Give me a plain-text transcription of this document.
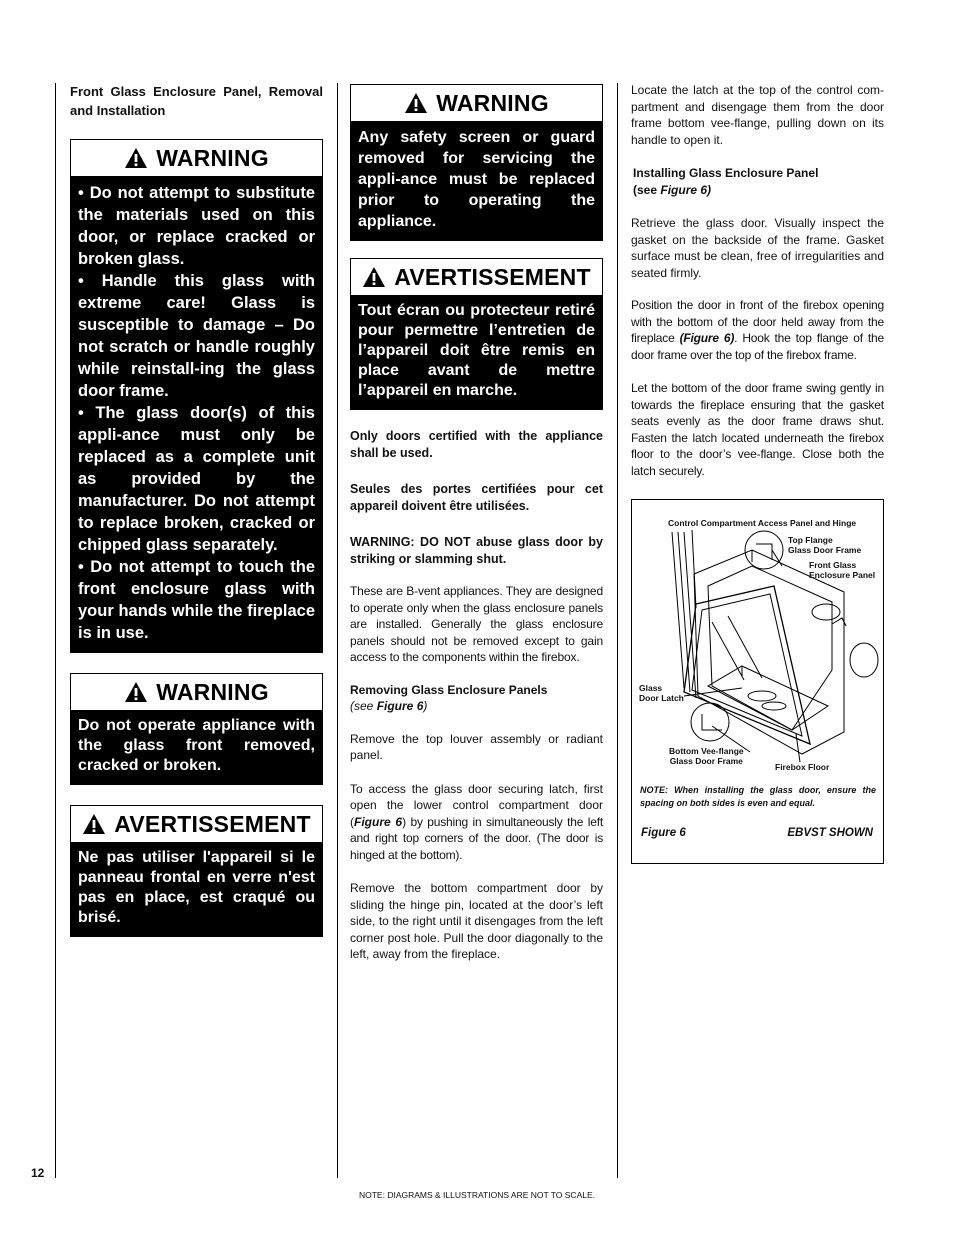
Front Glass Enclosure Panel, Removal and Installation

WARNING

• Do not attempt to substitute the materials used on this door, or replace cracked or broken glass.

• Handle this glass with extreme care! Glass is susceptible to damage – Do not scratch or handle roughly while reinstall-ing the glass door frame.

• The glass door(s) of this appli-ance must only be replaced as a complete unit as provided by the manufacturer. Do not attempt to replace broken, cracked or chipped glass separately.

• Do not attempt to touch the front enclosure glass with your hands while the fireplace is in use.

WARNING

Do not operate appliance with the glass front removed, cracked or broken.

AVERTISSEMENT

Ne pas utiliser l'appareil si le panneau frontal en verre n'est pas en place, est craqué ou brisé.

WARNING

Any safety screen or guard removed for servicing the appli-ance must be replaced prior to operating the appliance.

AVERTISSEMENT

Tout écran ou protecteur retiré pour permettre l’entretien de l’appareil doit être remis en place avant de mettre l’appareil en marche.

Only doors certified with the appliance shall be used.

Seules des portes certifiées pour cet appareil doivent être utilisées.

WARNING: DO NOT abuse glass door by striking or slamming shut.

These are B-vent appliances. They are designed to operate only when the glass enclosure panels are installed. Generally the glass enclosure panels should not be removed except to gain access to the components within the firebox.

Removing Glass Enclosure Panels
(see Figure 6)

Remove the top louver assembly or radiant panel.

To access the glass door securing latch, first open the lower control compartment door (Figure 6) by pushing in simultaneously the left and right top corners of the door. (The door is hinged at the bottom).

Remove the bottom compartment door by sliding the hinge pin, located at the door’s left side, to the right until it disengages from the left corner post hole. Pull the door diagonally to the left, away from the fireplace.

Locate the latch at the top of the control com-partment and disengage them from the door frame bottom vee-flange, pulling down on its handle to open it.

Installing Glass Enclosure Panel
(see Figure 6)

Retrieve the glass door. Visually inspect the gasket on the backside of the frame. Gasket surface must be clean, free of irregularities and seated firmly.

Position the door in front of the firebox opening with the bottom of the door held away from the fireplace (Figure 6). Hook the top flange of the door frame over the top of the firebox frame.

Let the bottom of the door frame swing gently in towards the fireplace ensuring that the gasket seats evenly as the door frame draws shut. Fasten the latch located underneath the firebox floor to the door’s vee-flange. Close both the latch securely.

Control Compartment Access Panel and Hinge
Top Flange
Glass Door Frame
Front Glass
Enclosure Panel
Glass
Door Latch
Bottom Vee-flange
Glass Door Frame
Firebox Floor

NOTE: When installing the glass door, ensure the spacing on both sides is even and equal.

Figure 6	EBVST SHOWN
12
NOTE: DIAGRAMS & ILLUSTRATIONS ARE NOT TO SCALE.
